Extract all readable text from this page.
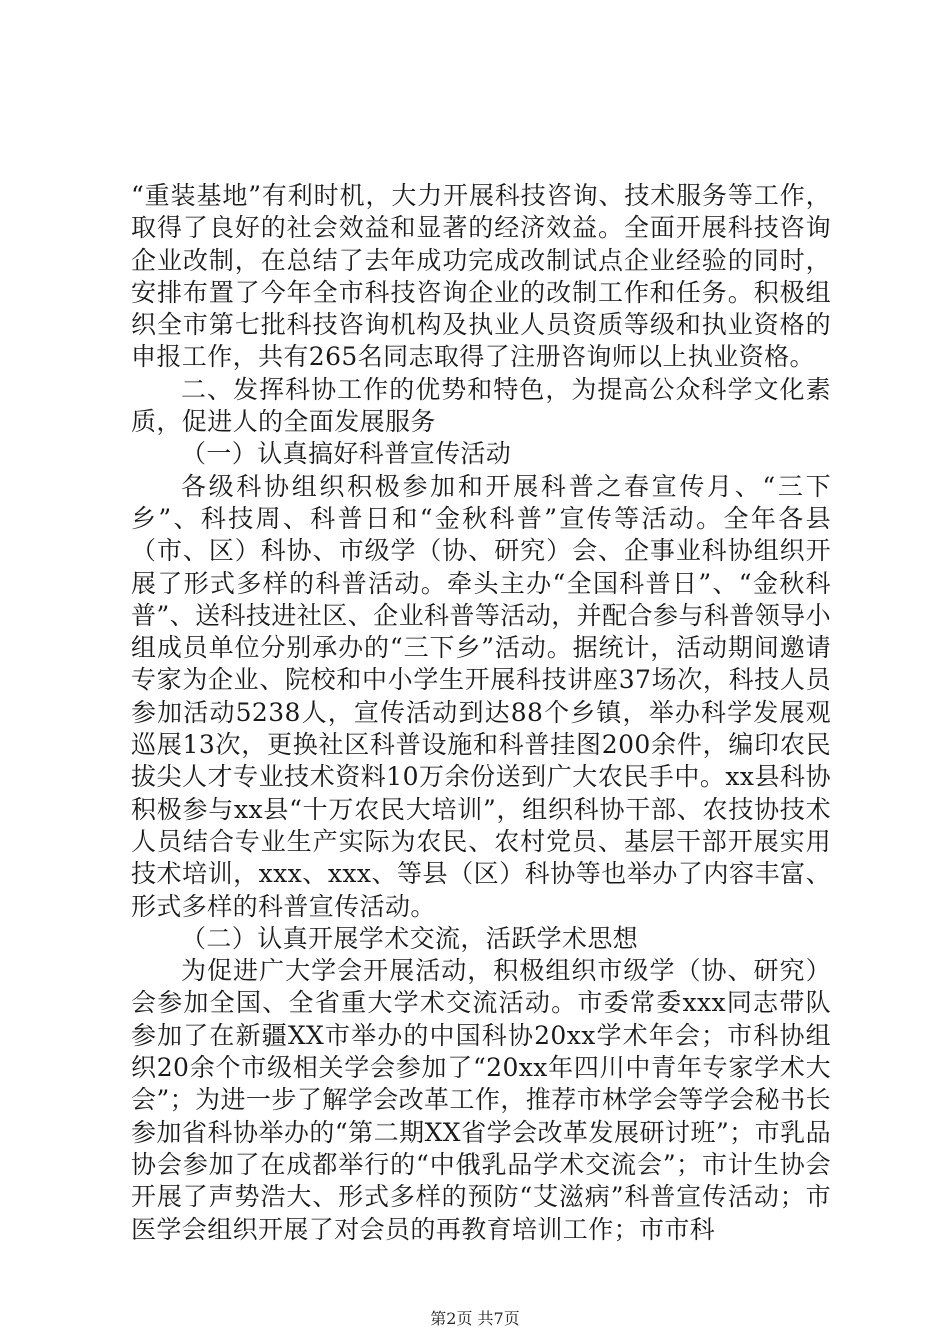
“重装基地”有利时机，大力开展科技咨询、技术服务等工作，取得了良好的社会效益和显著的经济效益。全面开展科技咨询企业改制，在总结了去年成功完成改制试点企业经验的同时，安排布置了今年全市科技咨询企业的改制工作和任务。积极组织全市第七批科技咨询机构及执业人员资质等级和执业资格的申报工作，共有265名同志取得了注册咨询师以上执业资格。

二、发挥科协工作的优势和特色，为提高公众科学文化素质，促进人的全面发展服务

（一）认真搞好科普宣传活动

各级科协组织积极参加和开展科普之春宣传月、“三下乡”、科技周、科普日和“金秋科普”宣传等活动。全年各县（市、区）科协、市级学（协、研究）会、企事业科协组织开展了形式多样的科普活动。牵头主办“全国科普日”、“金秋科普”、送科技进社区、企业科普等活动，并配合参与科普领导小组成员单位分别承办的“三下乡”活动。据统计，活动期间邀请专家为企业、院校和中小学生开展科技讲座37场次，科技人员参加活动5238人，宣传活动到达88个乡镇，举办科学发展观巡展13次，更换社区科普设施和科普挂图200余件，编印农民拔尖人才专业技术资料10万余份送到广大农民手中。xx县科协积极参与xx县“十万农民大培训”，组织科协干部、农技协技术人员结合专业生产实际为农民、农村党员、基层干部开展实用技术培训，xxx、xxx、等县（区）科协等也举办了内容丰富、形式多样的科普宣传活动。

（二）认真开展学术交流，活跃学术思想

为促进广大学会开展活动，积极组织市级学（协、研究）会参加全国、全省重大学术交流活动。市委常委xxx同志带队参加了在新疆XX市举办的中国科协20xx学术年会；市科协组织20余个市级相关学会参加了“20xx年四川中青年专家学术大会”；为进一步了解学会改革工作，推荐市林学会等学会秘书长参加省科协举办的“第二期XX省学会改革发展研讨班”；市乳品协会参加了在成都举行的“中俄乳品学术交流会”；市计生协会开展了声势浩大、形式多样的预防“艾滋病”科普宣传活动；市医学会组织开展了对会员的再教育培训工作；市市科

第2页 共7页
